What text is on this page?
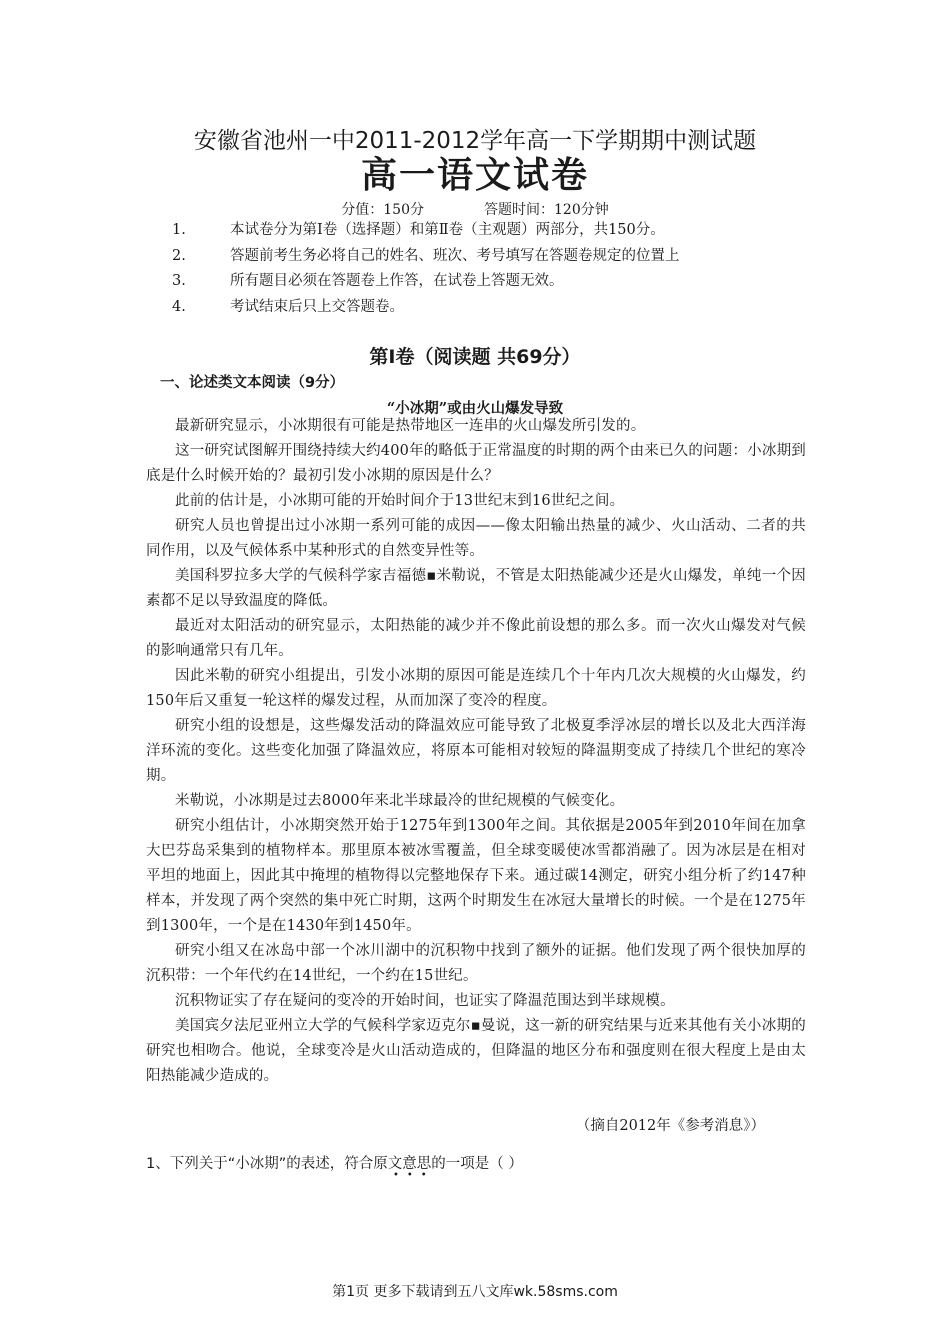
安徽省池州一中2011-2012学年高一下学期期中测试题
高一语文试卷
分值：150分	答题时间：120分钟
1.	本试卷分为第Ⅰ卷（选择题）和第Ⅱ卷（主观题）两部分，共150分。
2.	答题前考生务必将自己的姓名、班次、考号填写在答题卷规定的位置上
3.	所有题目必须在答题卷上作答，在试卷上答题无效。
4.	考试结束后只上交答题卷。
第Ⅰ卷（阅读题 共69分）
一、论述类文本阅读（9分）
“小冰期”或由火山爆发导致

最新研究显示，小冰期很有可能是热带地区一连串的火山爆发所引发的。

这一研究试图解开围绕持续大约400年的略低于正常温度的时期的两个由来已久的问题：小冰期到底是什么时候开始的？最初引发小冰期的原因是什么？

此前的估计是，小冰期可能的开始时间介于13世纪末到16世纪之间。

研究人员也曾提出过小冰期一系列可能的成因——像太阳输出热量的减少、火山活动、二者的共同作用，以及气候体系中某种形式的自然变异性等。

美国科罗拉多大学的气候科学家吉福德▪米勒说，不管是太阳热能减少还是火山爆发，单纯一个因素都不足以导致温度的降低。

最近对太阳活动的研究显示，太阳热能的减少并不像此前设想的那么多。而一次火山爆发对气候的影响通常只有几年。

因此米勒的研究小组提出，引发小冰期的原因可能是连续几个十年内几次大规模的火山爆发，约150年后又重复一轮这样的爆发过程，从而加深了变冷的程度。

研究小组的设想是，这些爆发活动的降温效应可能导致了北极夏季浮冰层的增长以及北大西洋海洋环流的变化。这些变化加强了降温效应，将原本可能相对较短的降温期变成了持续几个世纪的寒冷期。

米勒说，小冰期是过去8000年来北半球最冷的世纪规模的气候变化。

研究小组估计，小冰期突然开始于1275年到1300年之间。其依据是2005年到2010年间在加拿大巴芬岛采集到的植物样本。那里原本被冰雪覆盖，但全球变暖使冰雪都消融了。因为冰层是在相对平坦的地面上，因此其中掩埋的植物得以完整地保存下来。通过碳14测定，研究小组分析了约147种样本，并发现了两个突然的集中死亡时期，这两个时期发生在冰冠大量增长的时候。一个是在1275年到1300年，一个是在1430年到1450年。

研究小组又在冰岛中部一个冰川湖中的沉积物中找到了额外的证据。他们发现了两个很快加厚的沉积带：一个年代约在14世纪，一个约在15世纪。

沉积物证实了存在疑问的变冷的开始时间，也证实了降温范围达到半球规模。

美国宾夕法尼亚州立大学的气候科学家迈克尔▪曼说，这一新的研究结果与近来其他有关小冰期的研究也相吻合。他说，全球变冷是火山活动造成的，但降温的地区分布和强度则在很大程度上是由太阳热能减少造成的。

（摘自2012年《参考消息》）
1、下列关于“小冰期”的表述，符合原文意思的一项是（ ）
•••
第1页 更多下载请到五八文库wk.58sms.com
